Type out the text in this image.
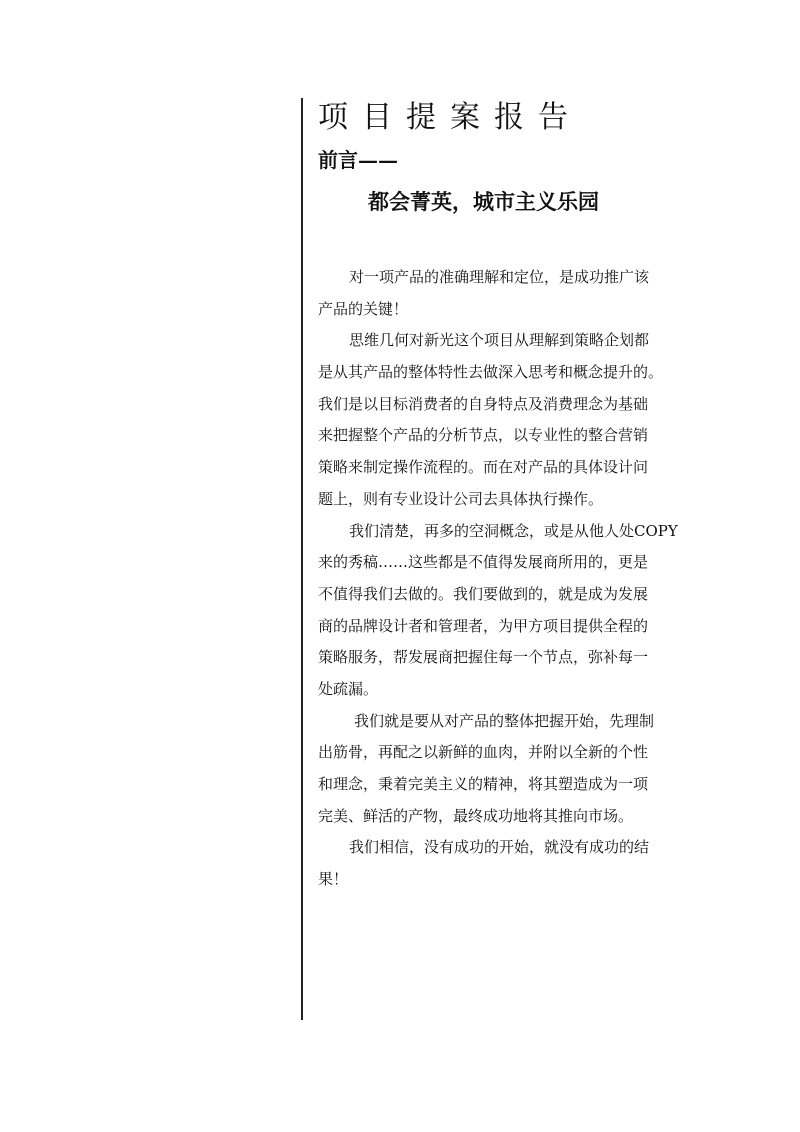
项目提案报告
前言——
都会菁英，城市主义乐园
对一项产品的准确理解和定位，是成功推广该
产品的关键！
思维几何对新光这个项目从理解到策略企划都
是从其产品的整体特性去做深入思考和概念提升的。
我们是以目标消费者的自身特点及消费理念为基础
来把握整个产品的分析节点，以专业性的整合营销
策略来制定操作流程的。而在对产品的具体设计问
题上，则有专业设计公司去具体执行操作。
我们清楚，再多的空洞概念，或是从他人处COPY
来的秀稿……这些都是不值得发展商所用的，更是
不值得我们去做的。我们要做到的，就是成为发展
商的品牌设计者和管理者，为甲方项目提供全程的
策略服务，帮发展商把握住每一个节点，弥补每一
处疏漏。
我们就是要从对产品的整体把握开始，先理制
出筋骨，再配之以新鲜的血肉，并附以全新的个性
和理念，秉着完美主义的精神，将其塑造成为一项
完美、鲜活的产物，最终成功地将其推向市场。
我们相信，没有成功的开始，就没有成功的结
果！
